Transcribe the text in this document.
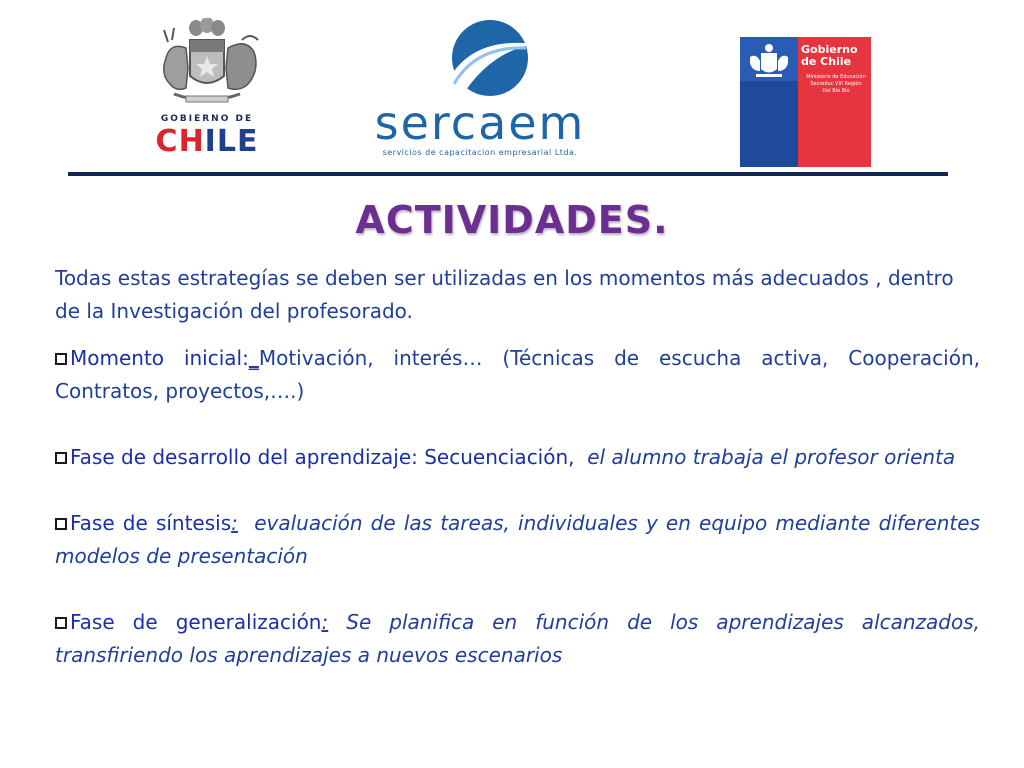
GOBIERNO DE
CHILE	sercaem
servicios de capacitacion empresarial Ltda.
Gobierno
de Chile
Ministerio de Educación
Secreduc VIII Región
Del Bío Bío
ACTIVIDADES.

Todas estas estrategías se deben ser utilizadas en los momentos más adecuados , dentro de la Investigación del profesorado.

Momento inicial:_Motivación, interés… (Técnicas de escucha activa, Cooperación, Contratos, proyectos,….)

Fase de desarrollo del aprendizaje: Secuenciación, el alumno trabaja el profesor orienta

Fase de síntesis: evaluación de las tareas, individuales y en equipo mediante diferentes modelos de presentación

Fase de generalización: Se planifica en función de los aprendizajes alcanzados, transfiriendo los aprendizajes a nuevos escenarios
